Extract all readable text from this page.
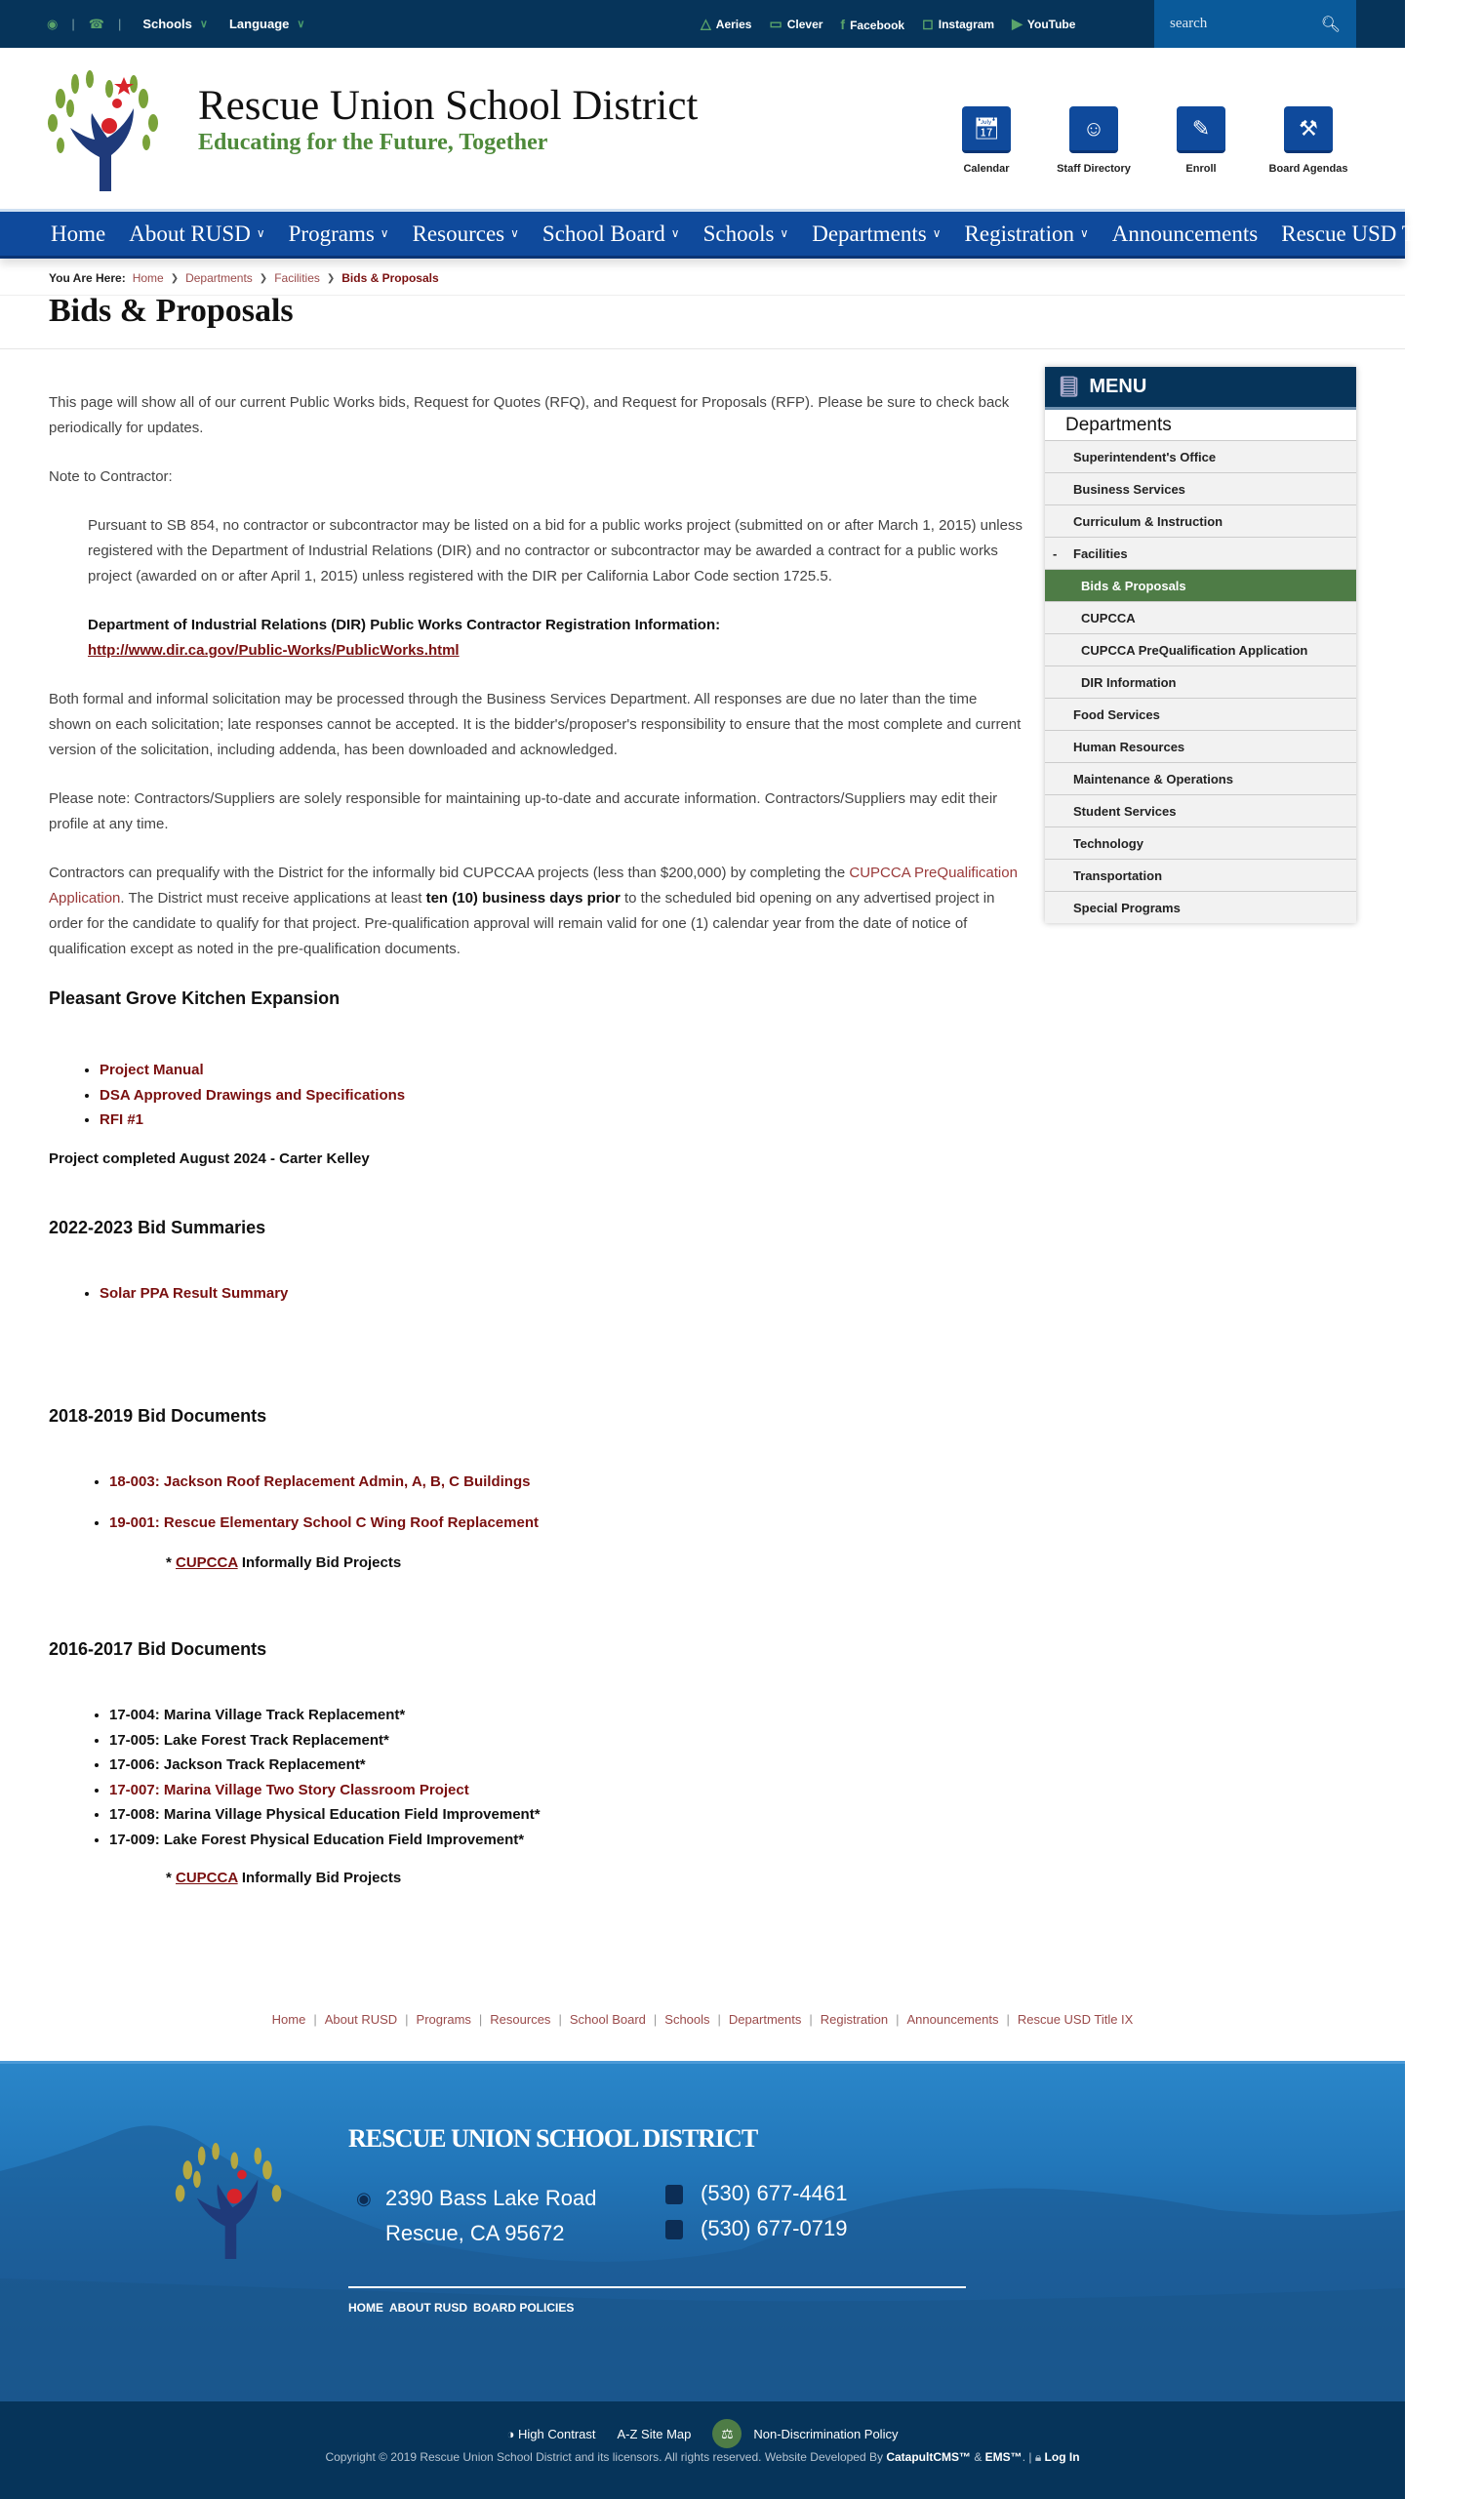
◉ | ☎ | Schools ∨ Language ∨	△ Aeries ▭ Clever f Facebook ◻ Instagram ▶ YouTube
search	🔍︎
Rescue Union School District
Educating for the Future, Together
📅︎
Calendar
☺
Staff Directory
✎
Enroll
⚒
Board Agendas
Home About RUSD ∨ Programs ∨ Resources ∨ School Board ∨ Schools ∨ Departments ∨ Registration ∨ Announcements Rescue USD Title IX
You Are Here: Home ❯ Departments ❯ Facilities ❯ Bids & Proposals
Bids & Proposals

This page will show all of our current Public Works bids, Request for Quotes (RFQ), and Request for Proposals (RFP). Please be sure to check back periodically for updates.

Note to Contractor:

Pursuant to SB 854, no contractor or subcontractor may be listed on a bid for a public works project (submitted on or after March 1, 2015) unless registered with the Department of Industrial Relations (DIR) and no contractor or subcontractor may be awarded a contract for a public works project (awarded on or after April 1, 2015) unless registered with the DIR per California Labor Code section 1725.5.

Department of Industrial Relations (DIR) Public Works Contractor Registration Information:
http://www.dir.ca.gov/Public-Works/PublicWorks.html

Both formal and informal solicitation may be processed through the Business Services Department. All responses are due no later than the time shown on each solicitation; late responses cannot be accepted. It is the bidder's/proposer's responsibility to ensure that the most complete and current version of the solicitation, including addenda, has been downloaded and acknowledged.

Please note: Contractors/Suppliers are solely responsible for maintaining up-to-date and accurate information. Contractors/Suppliers may edit their profile at any time.

Contractors can prequalify with the District for the informally bid CUPCCAA projects (less than $200,000) by completing the CUPCCA PreQualification Application. The District must receive applications at least ten (10) business days prior to the scheduled bid opening on any advertised project in order for the candidate to qualify for that project. Pre-qualification approval will remain valid for one (1) calendar year from the date of notice of qualification except as noted in the pre-qualification documents.

Pleasant Grove Kitchen Expansion
• Project Manual
• DSA Approved Drawings and Specifications
• RFI #1

Project completed August 2024 - Carter Kelley

2022-2023 Bid Summaries
• Solar PPA Result Summary
2018-2019 Bid Documents
• 18-003: Jackson Roof Replacement Admin, A, B, C Buildings
• 19-001: Rescue Elementary School C Wing Roof Replacement
* CUPCCA Informally Bid Projects
2016-2017 Bid Documents
• 17-004: Marina Village Track Replacement*
• 17-005: Lake Forest Track Replacement*
• 17-006: Jackson Track Replacement*
• 17-007: Marina Village Two Story Classroom Project
• 17-008: Marina Village Physical Education Field Improvement*
• 17-009: Lake Forest Physical Education Field Improvement*
* CUPCCA Informally Bid Projects
📘︎ MENU
Departments
Superintendent's Office
Business Services
Curriculum & Instruction
- Facilities
Bids & Proposals
CUPCCA
CUPCCA PreQualification Application
DIR Information
Food Services
Human Resources
Maintenance & Operations
Student Services
Technology
Transportation
Special Programs
Home | About RUSD | Programs | Resources | School Board | Schools | Departments | Registration | Announcements | Rescue USD Title IX
RESCUE UNION SCHOOL DISTRICT
◉ 2390 Bass Lake Road
Rescue, CA 95672
(530) 677-4461
(530) 677-0719
HOME ABOUT RUSD BOARD POLICIES
◑ High Contrast A-Z Site Map	⚖	Non-Discrimination Policy
Copyright © 2019 Rescue Union School District and its licensors. All rights reserved. Website Developed By CatapultCMS™ & EMS™. | 🔒︎ Log In
